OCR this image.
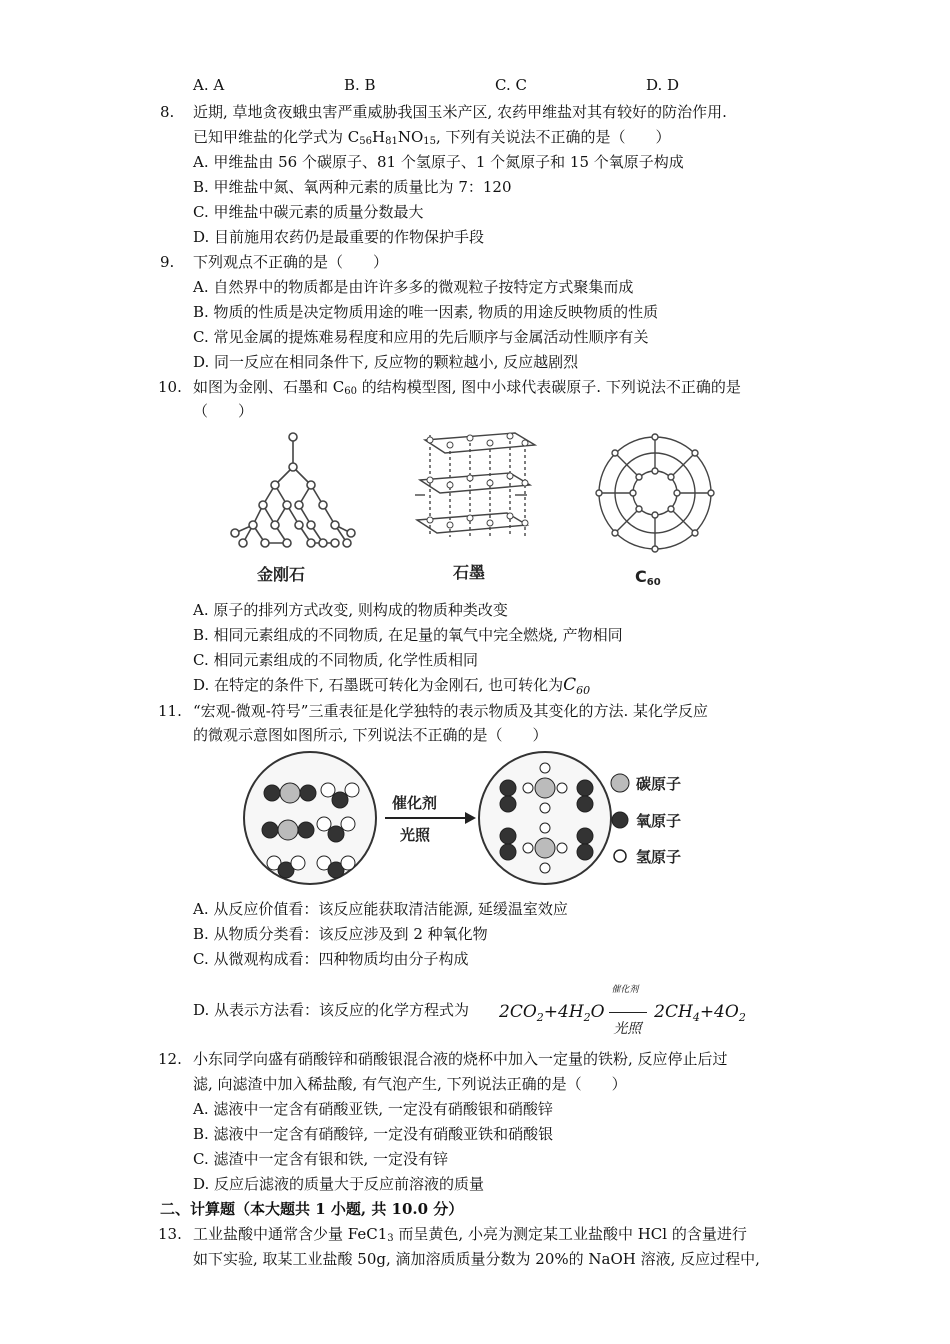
A. A	B. B	C. C	D. D
8. 近期, 草地贪夜蛾虫害严重威胁我国玉米产区, 农药甲维盐对其有较好的防治作用.
已知甲维盐的化学式为 $C_{56}H_{81}NO_{15}$, 下列有关说法不正确的是（　　）
A. 甲维盐由 56 个碳原子、81 个氢原子、1 个氮原子和 15 个氧原子构成
B. 甲维盐中氮、氧两种元素的质量比为 7：120
C. 甲维盐中碳元素的质量分数最大
D. 目前施用农药仍是最重要的作物保护手段
9. 下列观点不正确的是（　　）
A. 自然界中的物质都是由许许多多的微观粒子按特定方式聚集而成
B. 物质的性质是决定物质用途的唯一因素, 物质的用途反映物质的性质
C. 常见金属的提炼难易程度和应用的先后顺序与金属活动性顺序有关
D. 同一反应在相同条件下, 反应物的颗粒越小, 反应越剧烈
10. 如图为金刚、石墨和 $C_{60}$ 的结构模型图, 图中小球代表碳原子. 下列说法不正确的是
（　　）
金刚石	石墨	C60
A. 原子的排列方式改变, 则构成的物质种类改变
B. 相同元素组成的不同物质, 在足量的氧气中完全燃烧, 产物相同
C. 相同元素组成的不同物质, 化学性质相同
D. 在特定的条件下, 石墨既可转化为金刚石, 也可转化为$C_{60}$
11. “宏观-微观-符号”三重表征是化学独特的表示物质及其变化的方法. 某化学反应
的微观示意图如图所示, 下列说法不正确的是（　　）
催化剂
光照
碳原子
氧原子
氢原子
A. 从反应价值看：该反应能获取清洁能源, 延缓温室效应
B. 从物质分类看：该反应涉及到 2 种氧化物
C. 从微观构成看：四种物质均由分子构成
D. 从表示方法看：该反应的化学方程式为 $2CO_2+4H_2O$
催化剂
光照
$2CH_4+4O_2$
12. 小东同学向盛有硝酸锌和硝酸银混合液的烧杯中加入一定量的铁粉, 反应停止后过
滤, 向滤渣中加入稀盐酸, 有气泡产生, 下列说法正确的是（　　）
A. 滤液中一定含有硝酸亚铁, 一定没有硝酸银和硝酸锌
B. 滤液中一定含有硝酸锌, 一定没有硝酸亚铁和硝酸银
C. 滤渣中一定含有银和铁, 一定没有锌
D. 反应后滤液的质量大于反应前溶液的质量
二、计算题（本大题共 1 小题, 共 10.0 分）
13. 工业盐酸中通常含少量 $FeC1_3$ 而呈黄色, 小亮为测定某工业盐酸中 HCl 的含量进行
如下实验, 取某工业盐酸 50g, 滴加溶质质量分数为 20%的 NaOH 溶液, 反应过程中,
